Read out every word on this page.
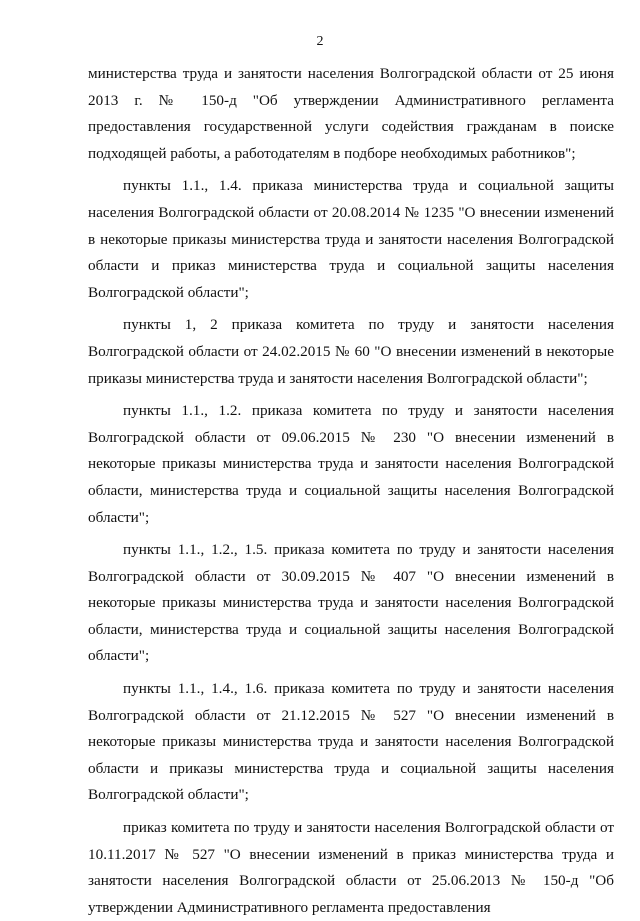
2

министерства труда и занятости населения Волгоградской области от 25 июня 2013 г. № 150-д "Об утверждении Административного регламента предоставления государственной услуги содействия гражданам в поиске подходящей работы, а работодателям в подборе необходимых работников";

пункты 1.1., 1.4. приказа министерства труда и социальной защиты населения Волгоградской области от 20.08.2014 № 1235 "О внесении изменений в некоторые приказы министерства труда и занятости населения Волгоградской области и приказ министерства труда и социальной защиты населения Волгоградской области";

пункты 1, 2 приказа комитета по труду и занятости населения Волгоградской области от 24.02.2015 № 60 "О внесении изменений в некоторые приказы министерства труда и занятости населения Волгоградской области";

пункты 1.1., 1.2. приказа комитета по труду и занятости населения Волгоградской области от 09.06.2015 № 230 "О внесении изменений в некоторые приказы министерства труда и занятости населения Волгоградской области, министерства труда и социальной защиты населения Волгоградской области";

пункты 1.1., 1.2., 1.5. приказа комитета по труду и занятости населения Волгоградской области от 30.09.2015 № 407 "О внесении изменений в некоторые приказы министерства труда и занятости населения Волгоградской области, министерства труда и социальной защиты населения Волгоградской области";

пункты 1.1., 1.4., 1.6. приказа комитета по труду и занятости населения Волгоградской области от 21.12.2015 № 527 "О внесении изменений в некоторые приказы министерства труда и занятости населения Волгоградской области и приказы министерства труда и социальной защиты населения Волгоградской области";

приказ комитета по труду и занятости населения Волгоградской области от 10.11.2017 № 527 "О внесении изменений в приказ министерства труда и занятости населения Волгоградской области от 25.06.2013 № 150-д "Об утверждении Административного регламента предоставления
